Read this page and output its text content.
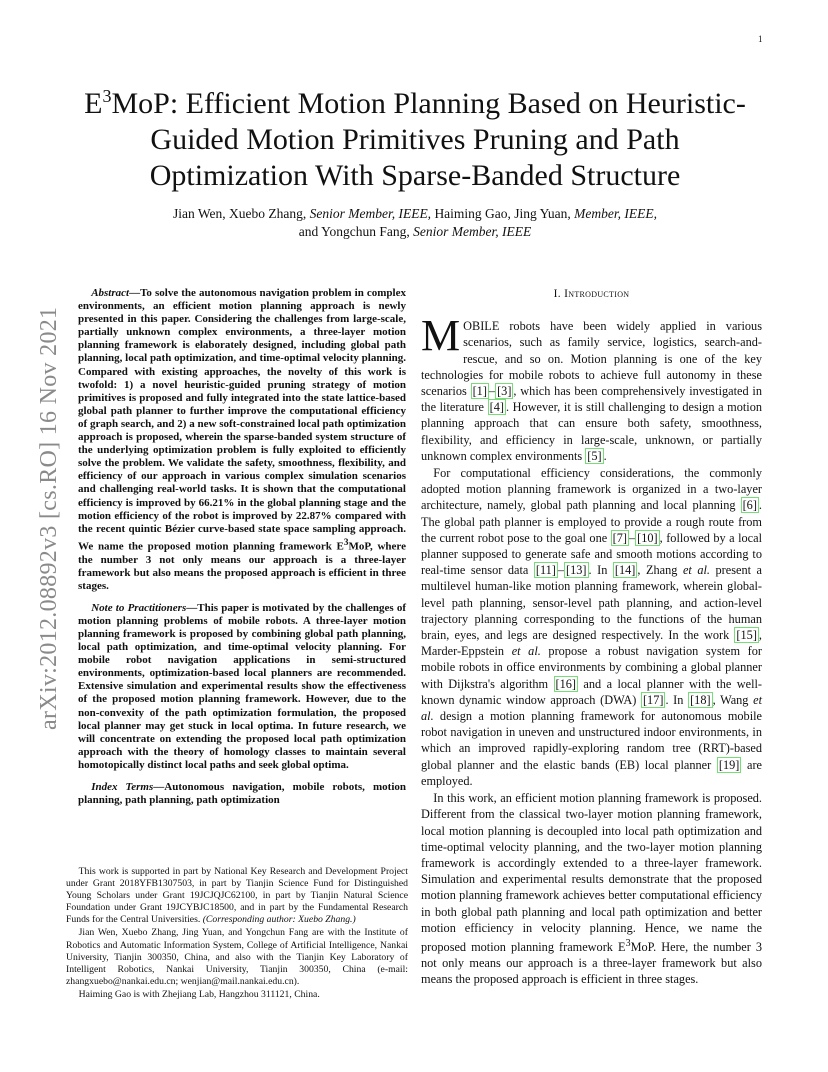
1
arXiv:2012.08892v3 [cs.RO] 16 Nov 2021
$E^3MoP$: Efficient Motion Planning Based on Heuristic-Guided Motion Primitives Pruning and Path Optimization With Sparse-Banded Structure
Jian Wen, Xuebo Zhang, Senior Member, IEEE, Haiming Gao, Jing Yuan, Member, IEEE,
and Yongchun Fang, Senior Member, IEEE

Abstract—To solve the autonomous navigation problem in complex environments, an efficient motion planning approach is newly presented in this paper. Considering the challenges from large-scale, partially unknown complex environments, a three-layer motion planning framework is elaborately designed, including global path planning, local path optimization, and time-optimal velocity planning. Compared with existing approaches, the novelty of this work is twofold: 1) a novel heuristic-guided pruning strategy of motion primitives is proposed and fully integrated into the state lattice-based global path planner to further improve the computational efficiency of graph search, and 2) a new soft-constrained local path optimization approach is proposed, wherein the sparse-banded system structure of the underlying optimization problem is fully exploited to efficiently solve the problem. We validate the safety, smoothness, flexibility, and efficiency of our approach in various complex simulation scenarios and challenging real-world tasks. It is shown that the computational efficiency is improved by 66.21% in the global planning stage and the motion efficiency of the robot is improved by 22.87% compared with the recent quintic Bézier curve-based state space sampling approach. We name the proposed motion planning framework $E^3MoP$, where the number 3 not only means our approach is a three-layer framework but also means the proposed approach is efficient in three stages.

Note to Practitioners—This paper is motivated by the challenges of motion planning problems of mobile robots. A three-layer motion planning framework is proposed by combining global path planning, local path optimization, and time-optimal velocity planning. For mobile robot navigation applications in semi-structured environments, optimization-based local planners are recommended. Extensive simulation and experimental results show the effectiveness of the proposed motion planning framework. However, due to the non-convexity of the path optimization formulation, the proposed local planner may get stuck in local optima. In future research, we will concentrate on extending the proposed local path optimization approach with the theory of homology classes to maintain several homotopically distinct local paths and seek global optima.

Index Terms—Autonomous navigation, mobile robots, motion planning, path planning, path optimization

This work is supported in part by National Key Research and Development Project under Grant 2018YFB1307503, in part by Tianjin Science Fund for Distinguished Young Scholars under Grant 19JCJQJC62100, in part by Tianjin Natural Science Foundation under Grant 19JCYBJC18500, and in part by the Fundamental Research Funds for the Central Universities. (Corresponding author: Xuebo Zhang.)

Jian Wen, Xuebo Zhang, Jing Yuan, and Yongchun Fang are with the Institute of Robotics and Automatic Information System, College of Artificial Intelligence, Nankai University, Tianjin 300350, China, and also with the Tianjin Key Laboratory of Intelligent Robotics, Nankai University, Tianjin 300350, China (e-mail: zhangxuebo@nankai.edu.cn; wenjian@mail.nankai.edu.cn).

Haiming Gao is with Zhejiang Lab, Hangzhou 311121, China.

I. Introduction

MOBILE robots have been widely applied in various scenarios, such as family service, logistics, search-and-rescue, and so on. Motion planning is one of the key technologies for mobile robots to achieve full autonomy in these scenarios [1] – [3] , which has been comprehensively investigated in the literature [4] . However, it is still challenging to design a motion planning approach that can ensure both safety, smoothness, flexibility, and efficiency in large-scale, unknown, or partially unknown complex environments [5] .

For computational efficiency considerations, the commonly adopted motion planning framework is organized in a two-layer architecture, namely, global path planning and local planning [6] . The global path planner is employed to provide a rough route from the current robot pose to the goal one [7] – [10] , followed by a local planner supposed to generate safe and smooth motions according to real-time sensor data [11] – [13] . In [14] , Zhang et al. present a multilevel human-like motion planning framework, wherein global-level path planning, sensor-level path planning, and action-level trajectory planning corresponding to the functions of the human brain, eyes, and legs are designed respectively. In the work [15] , Marder-Eppstein et al. propose a robust navigation system for mobile robots in office environments by combining a global planner with Dijkstra's algorithm [16] and a local planner with the well-known dynamic window approach (DWA) [17] . In [18] , Wang et al. design a motion planning framework for autonomous mobile robot navigation in uneven and unstructured indoor environments, in which an improved rapidly-exploring random tree (RRT)-based global planner and the elastic bands (EB) local planner [19] are employed.

In this work, an efficient motion planning framework is proposed. Different from the classical two-layer motion planning framework, local motion planning is decoupled into local path optimization and time-optimal velocity planning, and the two-layer motion planning framework is accordingly extended to a three-layer framework. Simulation and experimental results demonstrate that the proposed motion planning framework achieves better computational efficiency in both global path planning and local path optimization and better motion efficiency in velocity planning. Hence, we name the proposed motion planning framework $E^3MoP$. Here, the number 3 not only means our approach is a three-layer framework but also means the proposed approach is efficient in three stages.
